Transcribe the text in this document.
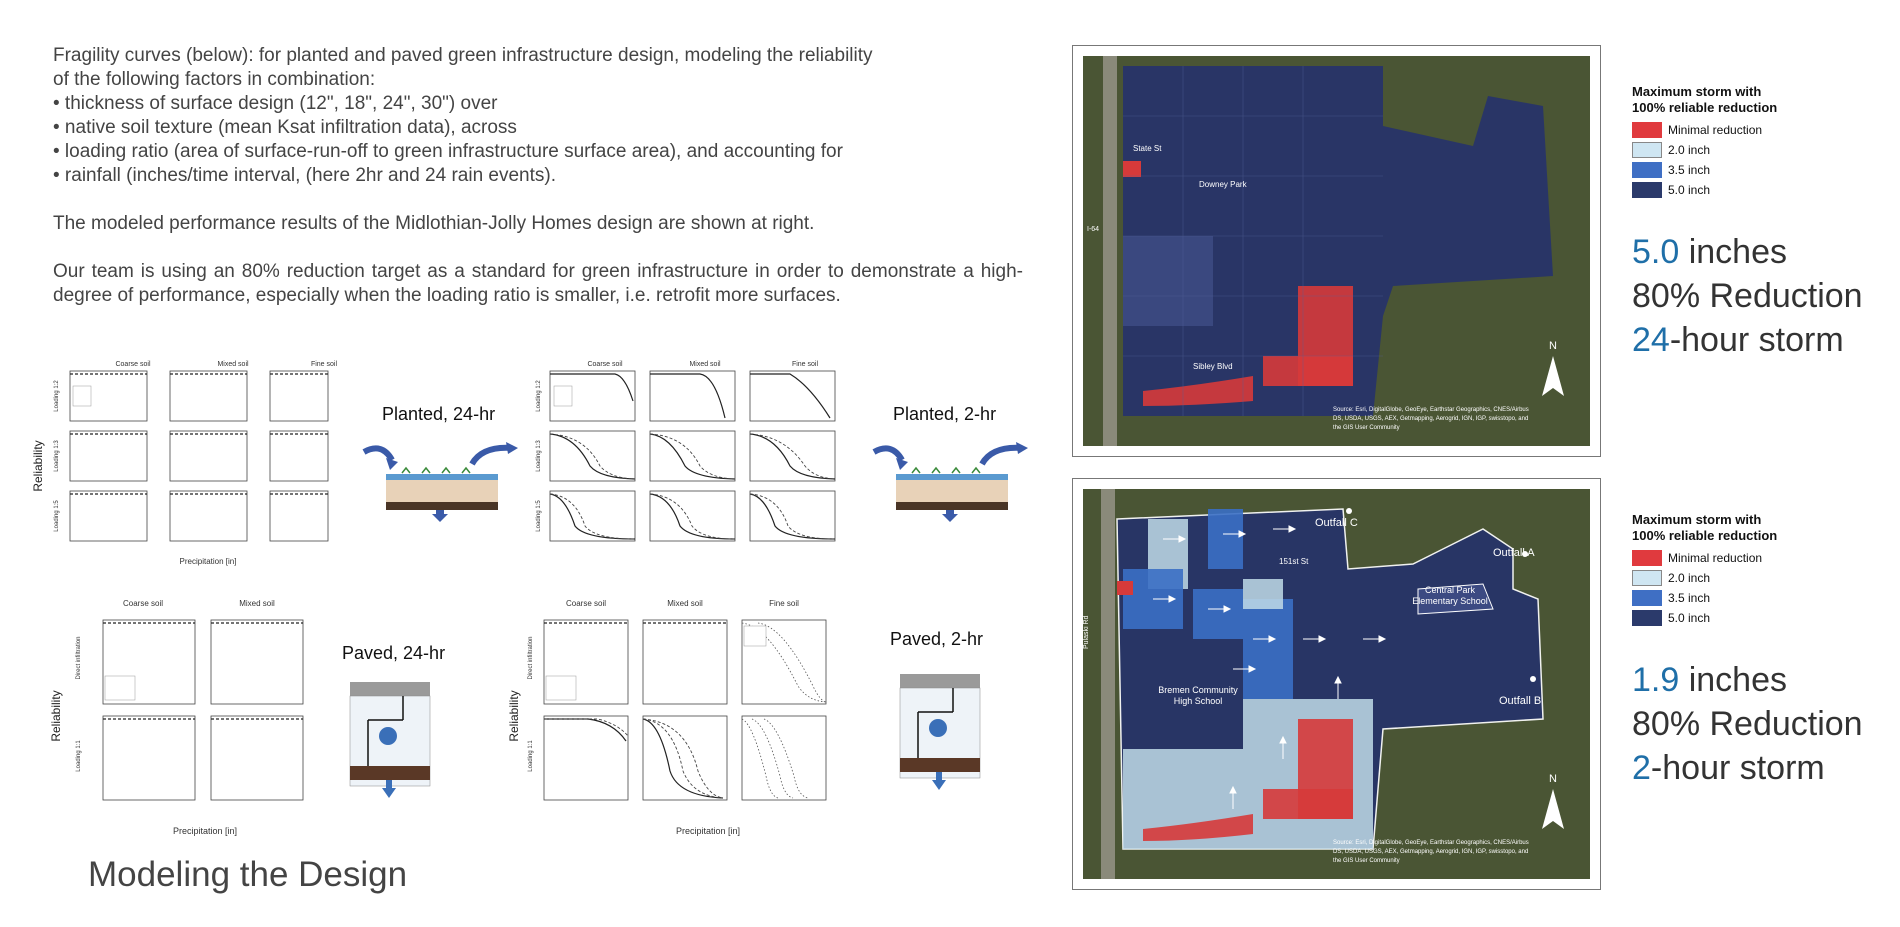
Fragility curves (below): for planted and paved green infrastructure design, modeling the reliability
of the following factors in combination:
• thickness of surface design (12", 18", 24", 30") over
• native soil texture (mean Ksat infiltration data), across
• loading ratio (area of surface-run-off to green infrastructure surface area), and accounting for
• rainfall (inches/time interval, (here 2hr and 24 rain events).

The modeled performance results of the Midlothian-Jolly Homes design are shown at right.

Our team is using an 80% reduction target as a standard for green infrastructure in order to demonstrate a high-degree of performance, especially when the loading ratio is smaller, i.e. retrofit more surfaces.

Reliability
Coarse soil	Mixed soil	Fine soil
Loading 1:2
Loading 1:3
Loading 1:5
Precipitation [in]
Planted, 24-hr
Coarse soil	Mixed soil	Fine soil
Loading 1:2
Loading 1:3
Loading 1:5
Planted, 2-hr
Reliability
Coarse soil	Mixed soil
Direct infiltration
Loading 1:1
Precipitation [in]
Paved, 24-hr
Reliability
Coarse soil	Mixed soil	Fine soil
Direct infiltration
Loading 1:1
Precipitation [in]
Paved, 2-hr
Modeling the Design
State St
Downey Park
Sibley Blvd
I-64
N
Source: Esri, DigitalGlobe, GeoEye, Earthstar Geographics, CNES/Airbus DS, USDA, USGS, AEX, Getmapping, Aerogrid, IGN, IGP, swisstopo, and the GIS User Community
Outfall C
Outfall A
Outfall B
151st St
Central Park Elementary School
Bremen Community High School
Pulaski Rd
N
Source: Esri, DigitalGlobe, GeoEye, Earthstar Geographics, CNES/Airbus DS, USDA, USGS, AEX, Getmapping, Aerogrid, IGN, IGP, swisstopo, and the GIS User Community
Maximum storm with
100% reliable reduction
Minimal reduction
2.0 inch
3.5 inch
5.0 inch
Maximum storm with
100% reliable reduction
Minimal reduction
2.0 inch
3.5 inch
5.0 inch
5.0 inches
80% Reduction
24-hour storm
1.9 inches
80% Reduction
2-hour storm
